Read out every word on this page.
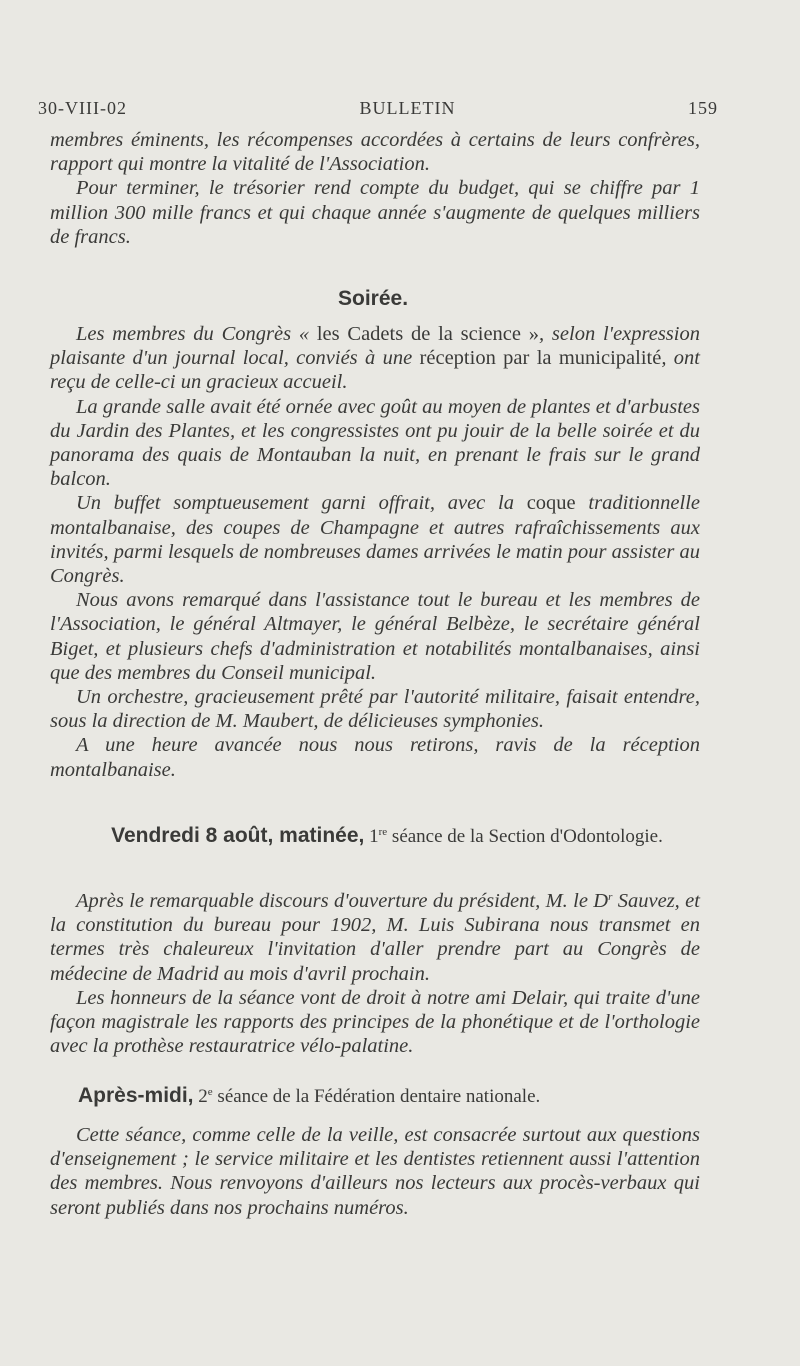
30-VIII-02	BULLETIN	159

membres éminents, les récompenses accordées à certains de leurs confrères, rapport qui montre la vitalité de l'Association.

Pour terminer, le trésorier rend compte du budget, qui se chiffre par 1 million 300 mille francs et qui chaque année s'augmente de quelques milliers de francs.

Soirée.

Les membres du Congrès « les Cadets de la science », selon l'expression plaisante d'un journal local, conviés à une réception par la municipalité, ont reçu de celle-ci un gracieux accueil.

La grande salle avait été ornée avec goût au moyen de plantes et d'arbustes du Jardin des Plantes, et les congressistes ont pu jouir de la belle soirée et du panorama des quais de Montauban la nuit, en prenant le frais sur le grand balcon.

Un buffet somptueusement garni offrait, avec la coque traditionnelle montalbanaise, des coupes de Champagne et autres rafraîchissements aux invités, parmi lesquels de nombreuses dames arrivées le matin pour assister au Congrès.

Nous avons remarqué dans l'assistance tout le bureau et les membres de l'Association, le général Altmayer, le général Belbèze, le secrétaire général Biget, et plusieurs chefs d'administration et notabilités montalbanaises, ainsi que des membres du Conseil municipal.

Un orchestre, gracieusement prêté par l'autorité militaire, faisait entendre, sous la direction de M. Maubert, de délicieuses symphonies.

A une heure avancée nous nous retirons, ravis de la réception montalbanaise.

Vendredi 8 août, matinée, 1re séance de la Section d'Odontologie.

Après le remarquable discours d'ouverture du président, M. le $D^r$ Sauvez, et la constitution du bureau pour 1902, M. Luis Subirana nous transmet en termes très chaleureux l'invitation d'aller prendre part au Congrès de médecine de Madrid au mois d'avril prochain.

Les honneurs de la séance vont de droit à notre ami Delair, qui traite d'une façon magistrale les rapports des principes de la phonétique et de l'orthologie avec la prothèse restauratrice vélo-palatine.

Après-midi, 2e séance de la Fédération dentaire nationale.

Cette séance, comme celle de la veille, est consacrée surtout aux questions d'enseignement ; le service militaire et les dentistes retiennent aussi l'attention des membres. Nous renvoyons d'ailleurs nos lecteurs aux procès-verbaux qui seront publiés dans nos prochains numéros.
